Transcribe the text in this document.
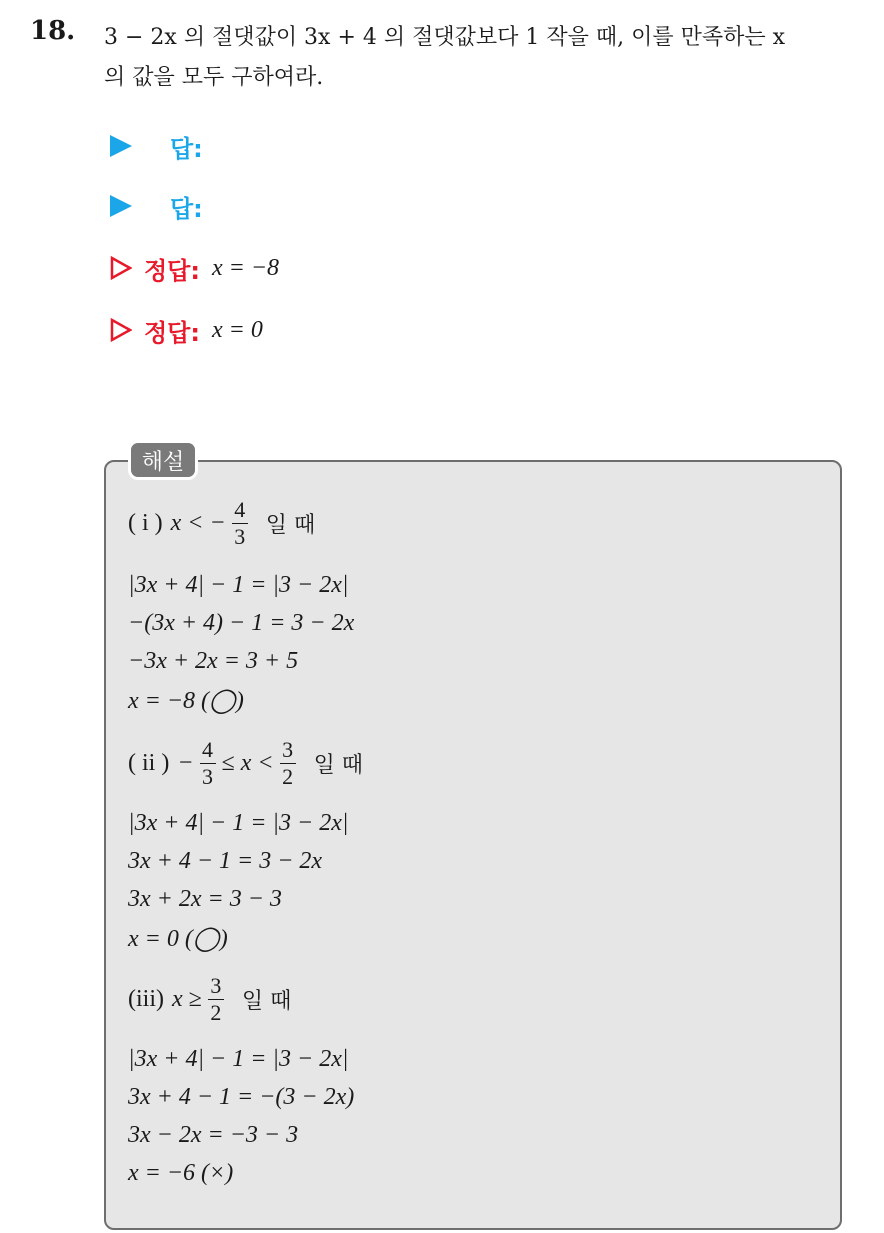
18. 3 − 2x 의 절댓값이 3x + 4 의 절댓값보다 1 작을 때, 이를 만족하는 x
의 값을 모두 구하여라.
답:
답:
정답: x = −8
정답: x = 0
해설
( i ) x < − $\frac{4}{3}$ 일 때
|3x + 4| − 1 = |3 − 2x|
−(3x + 4) − 1 = 3 − 2x
−3x + 2x = 3 + 5
x = −8 (◯)
( ii ) − $\frac{4}{3} \le x < \frac{3}{2}$ 일 때
|3x + 4| − 1 = |3 − 2x|
3x + 4 − 1 = 3 − 2x
3x + 2x = 3 − 3
x = 0 (◯)
(iii) $x \ge \frac{3}{2}$ 일 때
|3x + 4| − 1 = |3 − 2x|
3x + 4 − 1 = −(3 − 2x)
3x − 2x = −3 − 3
x = −6 (×)
